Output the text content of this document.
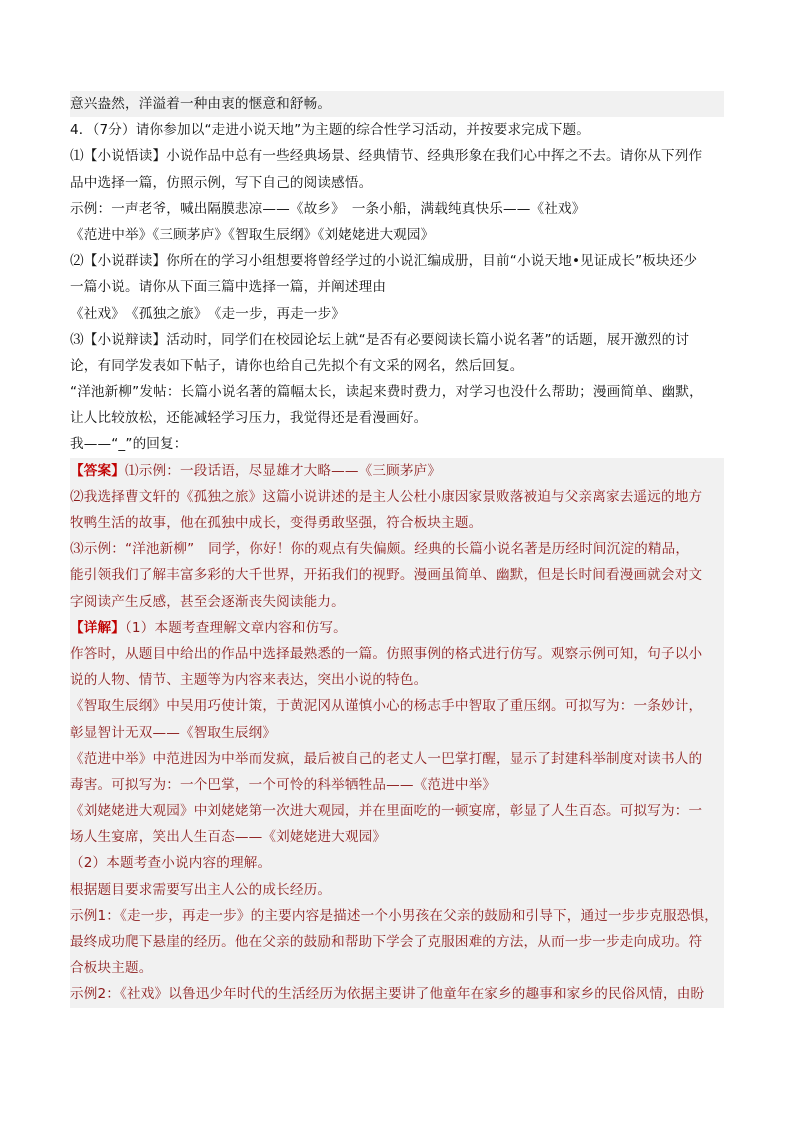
意兴盎然，洋溢着一种由衷的惬意和舒畅。
4．（7分）请你参加以“走进小说天地”为主题的综合性学习活动，并按要求完成下题。
⑴【小说悟读】小说作品中总有一些经典场景、经典情节、经典形象在我们心中挥之不去。请你从下列作
品中选择一篇，仿照示例，写下自己的阅读感悟。
示例：一声老爷，喊出隔膜悲凉——《故乡》　一条小船，满载纯真快乐——《社戏》
《范进中举》《三顾茅庐》《智取生辰纲》《刘姥姥进大观园》
⑵【小说群读】你所在的学习小组想要将曾经学过的小说汇编成册，目前“小说天地•见证成长”板块还少
一篇小说。请你从下面三篇中选择一篇，并阐述理由
《社戏》　《孤独之旅》　《走一步，再走一步》
⑶【小说辩读】活动时，同学们在校园论坛上就“是否有必要阅读长篇小说名著”的话题，展开激烈的讨
论，有同学发表如下帖子，请你也给自己先拟个有文采的网名，然后回复。
“洋池新柳”发帖：长篇小说名著的篇幅太长，读起来费时费力，对学习也没什么帮助；漫画简单、幽默，
让人比较放松，还能减轻学习压力，我觉得还是看漫画好。
我——“_”的回复：
【答案】⑴示例：一段话语，尽显雄才大略——《三顾茅庐》
⑵我选择曹文轩的《孤独之旅》这篇小说讲述的是主人公杜小康因家景败落被迫与父亲离家去遥远的地方
牧鸭生活的故事，他在孤独中成长，变得勇敢坚强，符合板块主题。
⑶示例：“洋池新柳”　同学，你好！你的观点有失偏颇。经典的长篇小说名著是历经时间沉淀的精品，
能引领我们了解丰富多彩的大千世界，开拓我们的视野。漫画虽简单、幽默，但是长时间看漫画就会对文
字阅读产生反感，甚至会逐渐丧失阅读能力。
【详解】（1）本题考查理解文章内容和仿写。
作答时，从题目中给出的作品中选择最熟悉的一篇。仿照事例的格式进行仿写。观察示例可知，句子以小
说的人物、情节、主题等为内容来表达，突出小说的特色。
《智取生辰纲》中吴用巧使计策，于黄泥冈从谨慎小心的杨志手中智取了重压纲。可拟写为：一条妙计，
彰显智计无双——《智取生辰纲》
《范进中举》中范进因为中举而发疯，最后被自己的老丈人一巴掌打醒，显示了封建科举制度对读书人的
毒害。可拟写为：一个巴掌，一个可怜的科举牺牲品——《范进中举》
《刘姥姥进大观园》中刘姥姥第一次进大观园，并在里面吃的一顿宴席，彰显了人生百态。可拟写为：一
场人生宴席，笑出人生百态——《刘姥姥进大观园》
（2）本题考查小说内容的理解。
根据题目要求需要写出主人公的成长经历。
示例1：《走一步，再走一步》的主要内容是描述一个小男孩在父亲的鼓励和引导下，通过一步步克服恐惧，
最终成功爬下悬崖的经历。他在父亲的鼓励和帮助下学会了克服困难的方法，从而一步一步走向成功。符
合板块主题。
示例2：《社戏》以鲁迅少年时代的生活经历为依据主要讲了他童年在家乡的趣事和家乡的民俗风情，由盼
